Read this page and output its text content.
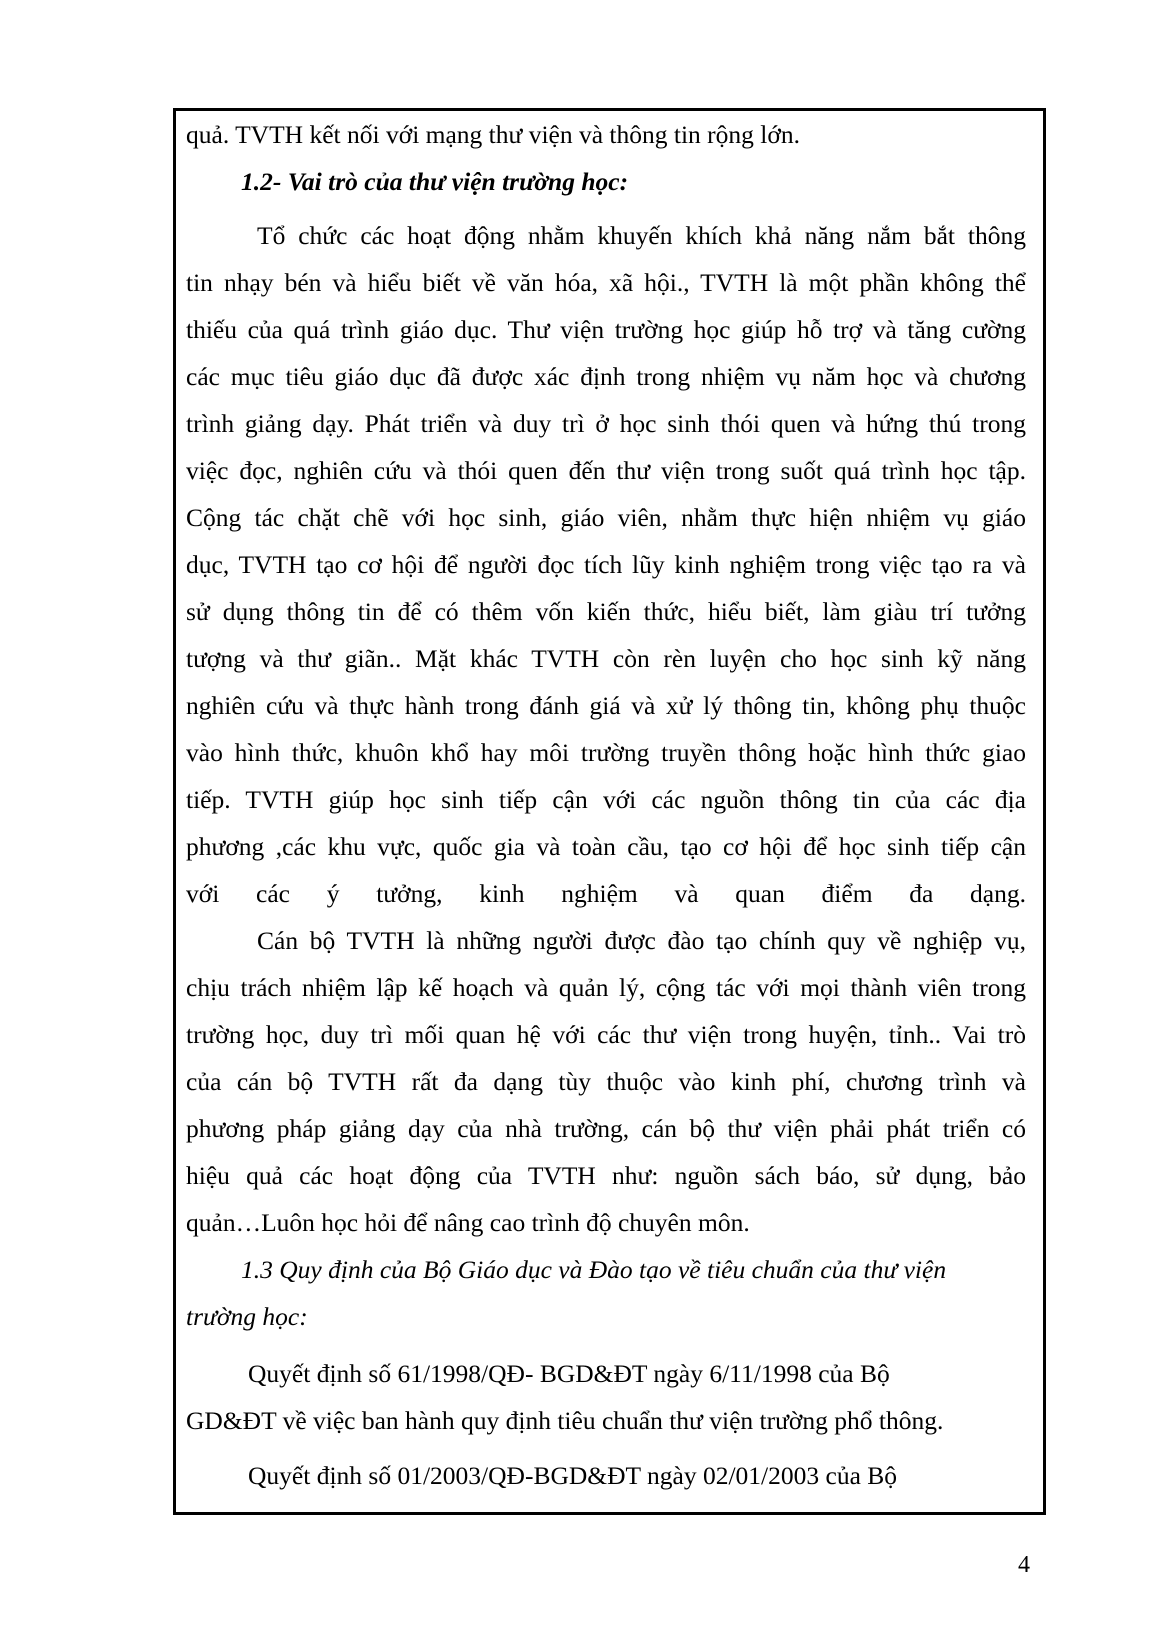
quả. TVTH kết nối với mạng thư viện và thông tin rộng lớn.
1.2- Vai trò của thư viện trường học:
Tổ chức các hoạt động nhằm khuyến khích khả năng nắm bắt thông
tin nhạy bén và hiểu biết về văn hóa, xã hội., TVTH là một phần không thể
thiếu của quá trình giáo dục. Thư viện trường học giúp hỗ trợ và tăng cường
các mục tiêu giáo dục đã được xác định trong nhiệm vụ năm học và chương
trình giảng dạy. Phát triển và duy trì ở học sinh thói quen và hứng thú trong
việc đọc, nghiên cứu và thói quen đến thư viện trong suốt quá trình học tập.
Cộng tác chặt chẽ với học sinh, giáo viên, nhằm thực hiện nhiệm vụ giáo
dục, TVTH tạo cơ hội để người đọc tích lũy kinh nghiệm trong việc tạo ra và
sử dụng thông tin để có thêm vốn kiến thức, hiểu biết, làm giàu trí tưởng
tượng và thư giãn.. Mặt khác TVTH còn rèn luyện cho học sinh kỹ năng
nghiên cứu và thực hành trong đánh giá và xử lý thông tin, không phụ thuộc
vào hình thức, khuôn khổ hay môi trường truyền thông hoặc hình thức giao
tiếp. TVTH giúp học sinh tiếp cận với các nguồn thông tin của các địa
phương ,các khu vực, quốc gia và toàn cầu, tạo cơ hội để học sinh tiếp cận
với các ý tưởng, kinh nghiệm và quan điểm đa dạng.
Cán bộ TVTH là những người được đào tạo chính quy về nghiệp vụ,
chịu trách nhiệm lập kế hoạch và quản lý, cộng tác với mọi thành viên trong
trường học, duy trì mối quan hệ với các thư viện trong huyện, tỉnh.. Vai trò
của cán bộ TVTH rất đa dạng tùy thuộc vào kinh phí, chương trình và
phương pháp giảng dạy của nhà trường, cán bộ thư viện phải phát triển có
hiệu quả các hoạt động của TVTH như: nguồn sách báo, sử dụng, bảo
quản…Luôn học hỏi để nâng cao trình độ chuyên môn.
1.3 Quy định của Bộ Giáo dục và Đào tạo về tiêu chuẩn của thư viện
trường học:
Quyết định số 61/1998/QĐ- BGD&ĐT ngày 6/11/1998 của Bộ
GD&ĐT về việc ban hành quy định tiêu chuẩn thư viện trường phổ thông.
Quyết định số 01/2003/QĐ-BGD&ĐT ngày 02/01/2003 của Bộ
4
